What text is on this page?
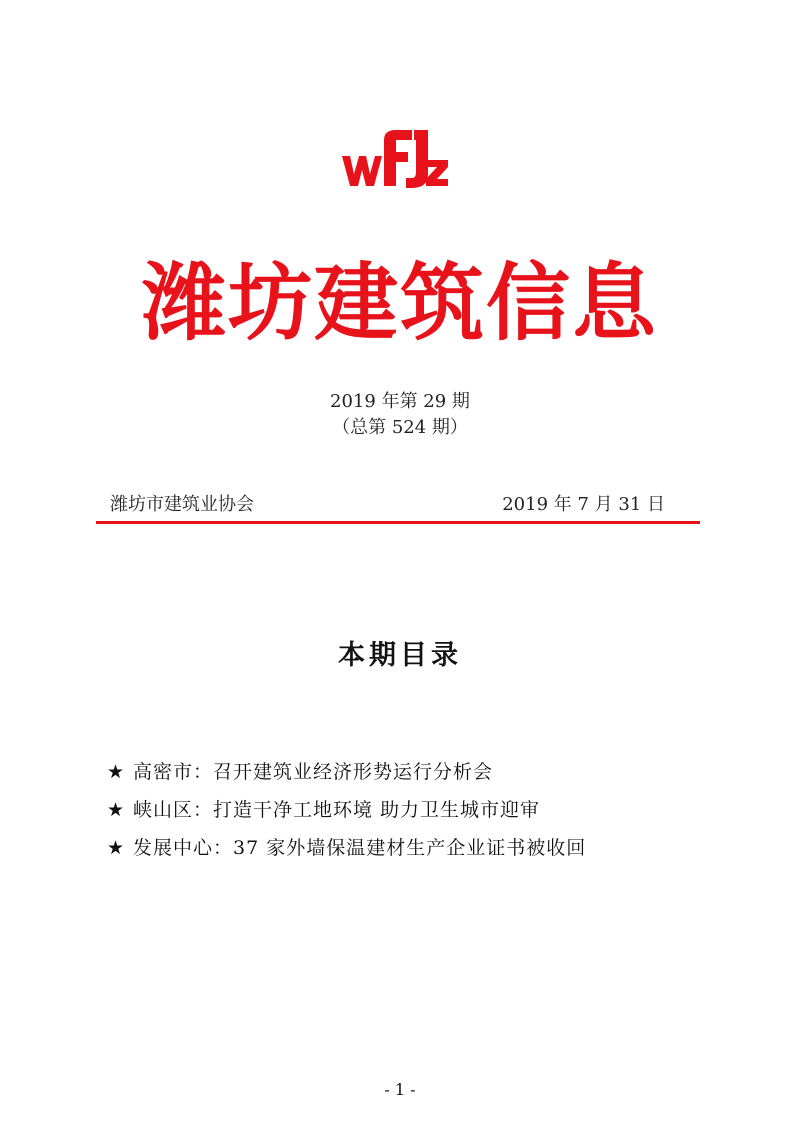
潍坊建筑信息
2019 年第 29 期
（总第 524 期）
潍坊市建筑业协会	2019 年 7 月 31 日
本期目录
★ 高密市：召开建筑业经济形势运行分析会
★ 峡山区：打造干净工地环境 助力卫生城市迎审
★ 发展中心：37 家外墙保温建材生产企业证书被收回
- 1 -
